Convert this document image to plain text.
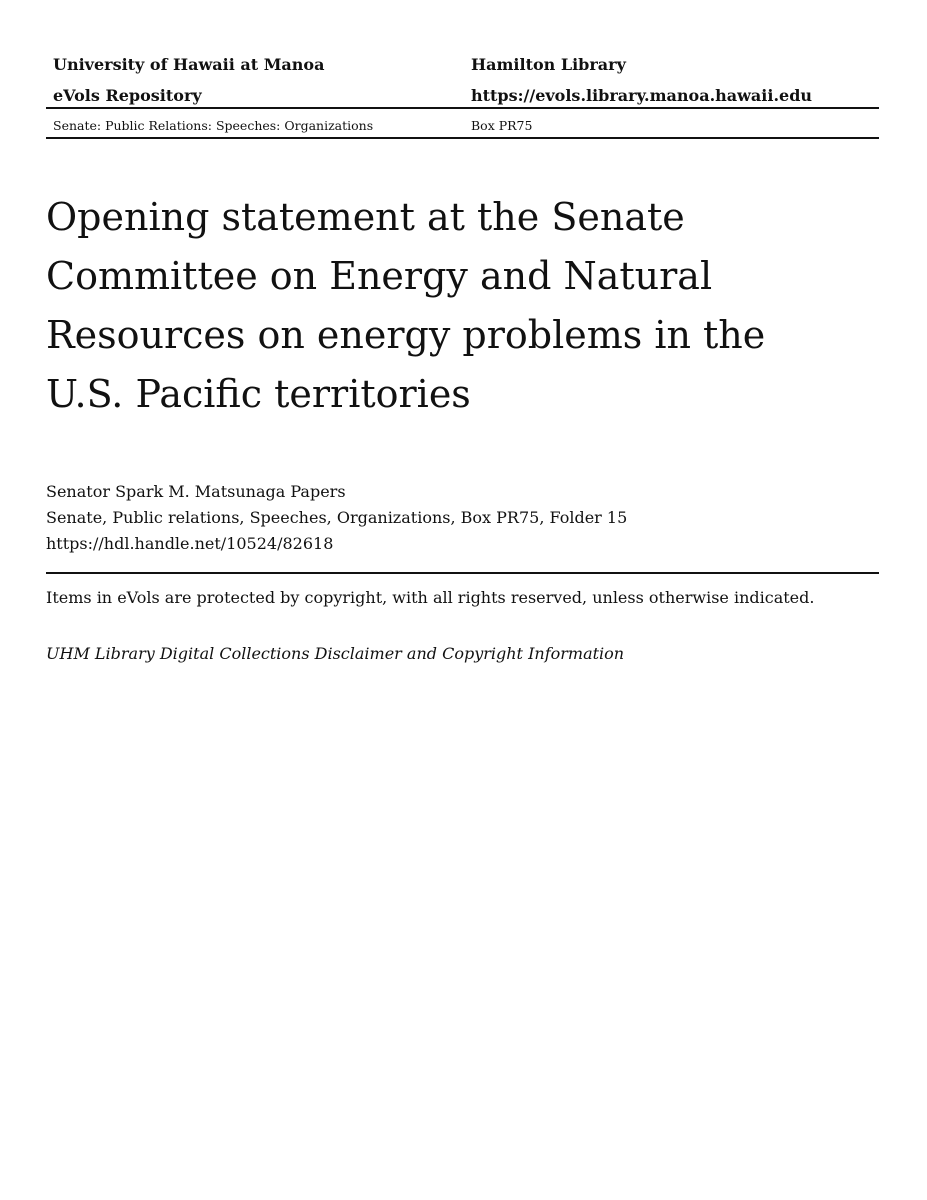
University of Hawaii at Manoa	Hamilton Library
eVols Repository	https://evols.library.manoa.hawaii.edu
Senate: Public Relations: Speeches: Organizations	Box PR75
Opening statement at the Senate
Committee on Energy and Natural
Resources on energy problems in the
U.S. Pacific territories
Senator Spark M. Matsunaga Papers
Senate, Public relations, Speeches, Organizations, Box PR75, Folder 15
https://hdl.handle.net/10524/82618
Items in eVols are protected by copyright, with all rights reserved, unless otherwise indicated.
UHM Library Digital Collections Disclaimer and Copyright Information
